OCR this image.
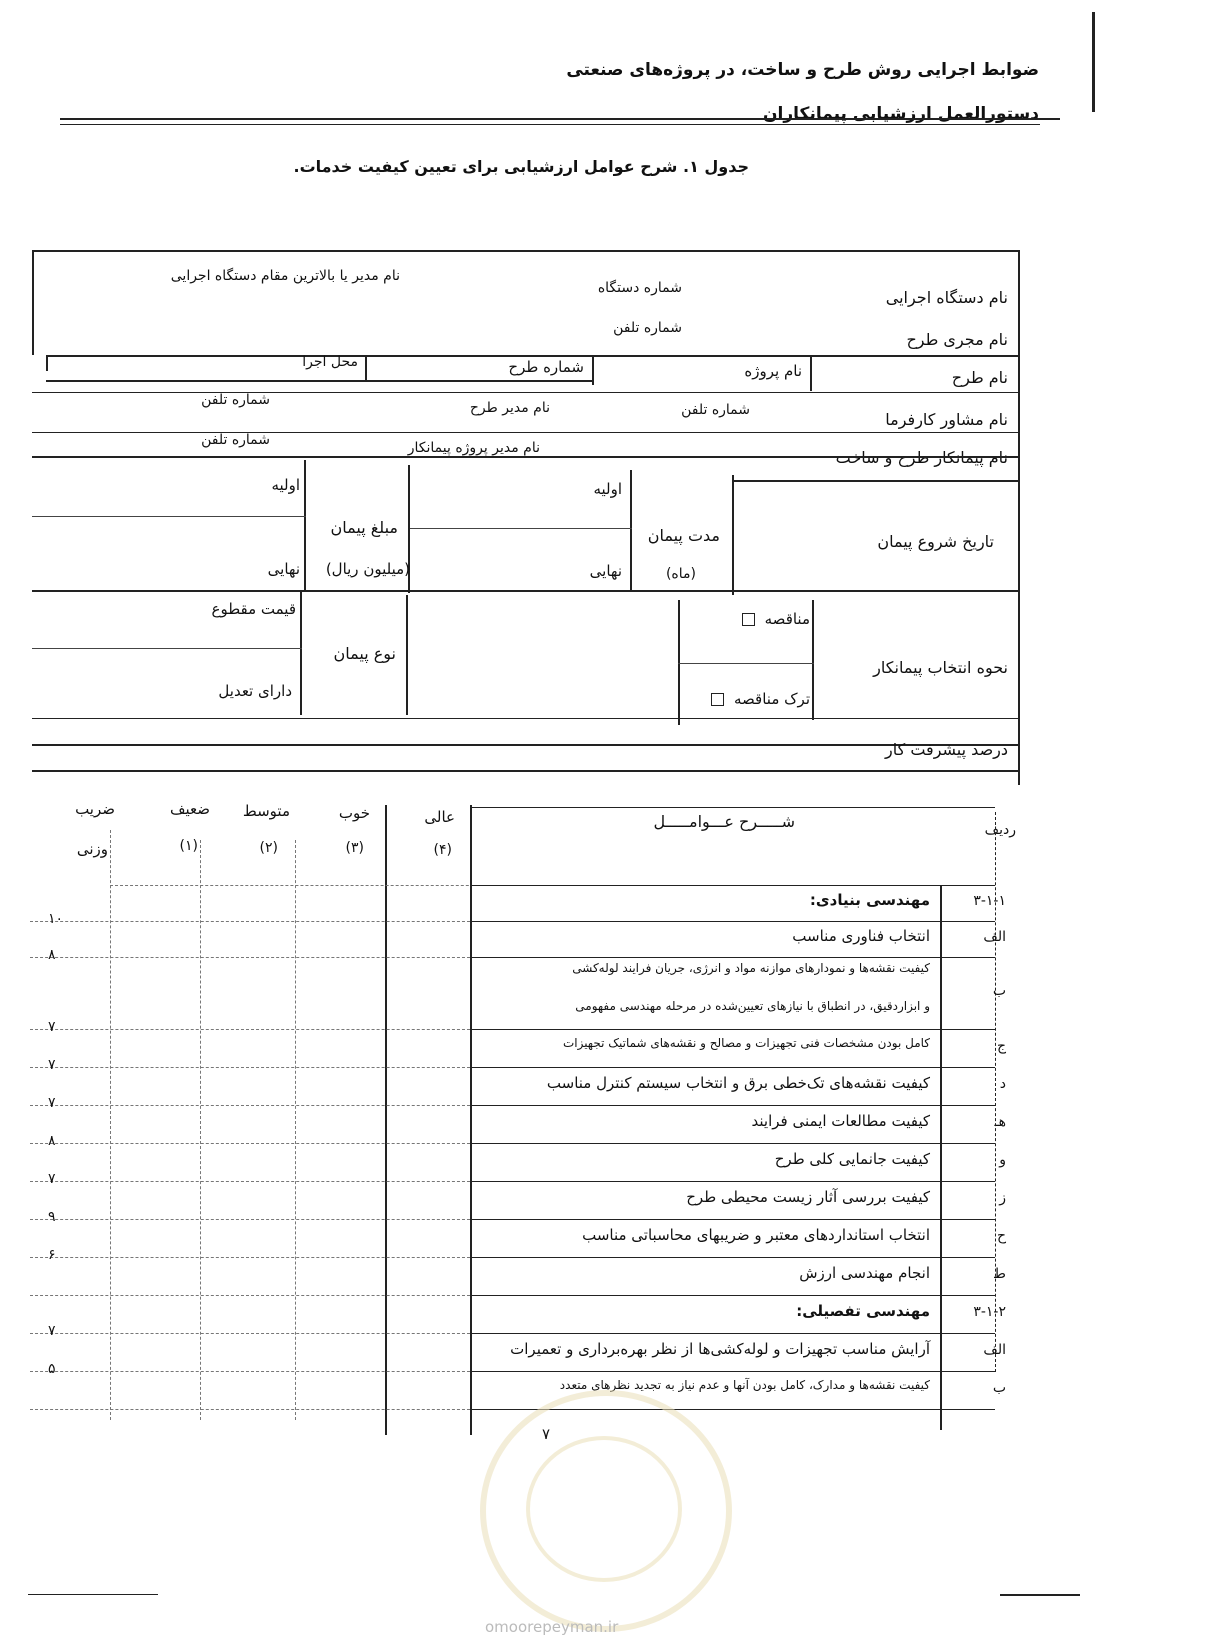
ضوابط اجرایی روش طرح و ساخت، در پروژه‌های صنعتی
دستورالعمل ارزشیابی پیمانکاران
جدول ۱. شرح عوامل ارزشیابی برای تعیین کیفیت خدمات.
نام دستگاه اجرایی
شماره دستگاه
نام مدیر یا بالاترین مقام دستگاه اجرایی
نام مجری طرح
شماره تلفن
نام طرح
نام پروژه
شماره طرح
محل اجرا
نام مشاور کارفرما
شماره تلفن
نام مدیر طرح
شماره تلفن
نام پیمانکار طرح و ساخت
نام مدیر پروژه پیمانکار
شماره تلفن
تاریخ شروع پیمان
مدت پیمان
(ماه)
اولیه
نهایی
مبلغ پیمان
(میلیون ریال)
اولیه
نهایی
نحوه انتخاب پیمانکار
مناقصه
ترک مناقصه
نوع پیمان
قیمت مقطوع
دارای تعدیل
درصد پیشرفت کار
ردیف
شـــــرح عـــوامـــــل
عالی
(۴)
خوب
(۳)
متوسط
(۲)
ضعیف
(۱)
ضریب
وزنی
۳-۱-۱
مهندسی بنیادی:
الف
انتخاب فناوری مناسب
۱۰
ب
کیفیت نقشه‌ها و نمودارهای موازنه مواد و انرژی، جریان فرایند لوله‌کشی
و ابزاردقیق، در انطباق با نیازهای تعیین‌شده در مرحله مهندسی مفهومی
۸
ج
کامل بودن مشخصات فنی تجهیزات و مصالح و نقشه‌های شماتیک تجهیزات
۷
د
کیفیت نقشه‌های تک‌خطی برق و انتخاب سیستم کنترل مناسب
۷
هـ
کیفیت مطالعات ایمنی فرایند
۷
و
کیفیت جانمایی کلی طرح
۸
ز
کیفیت بررسی آثار زیست محیطی طرح
۷
ح
انتخاب استانداردهای معتبر و ضریبهای محاسباتی مناسب
۹
ط
انجام مهندسی ارزش
۶
۳-۱-۲
مهندسی تفصیلی:
الف
آرایش مناسب تجهیزات و لوله‌کشی‌ها از نظر بهره‌برداری و تعمیرات
۷
ب
کیفیت نقشه‌ها و مدارک، کامل بودن آنها و عدم نیاز به تجدید نظرهای متعدد
۵
۷
omoorepeyman.ir
